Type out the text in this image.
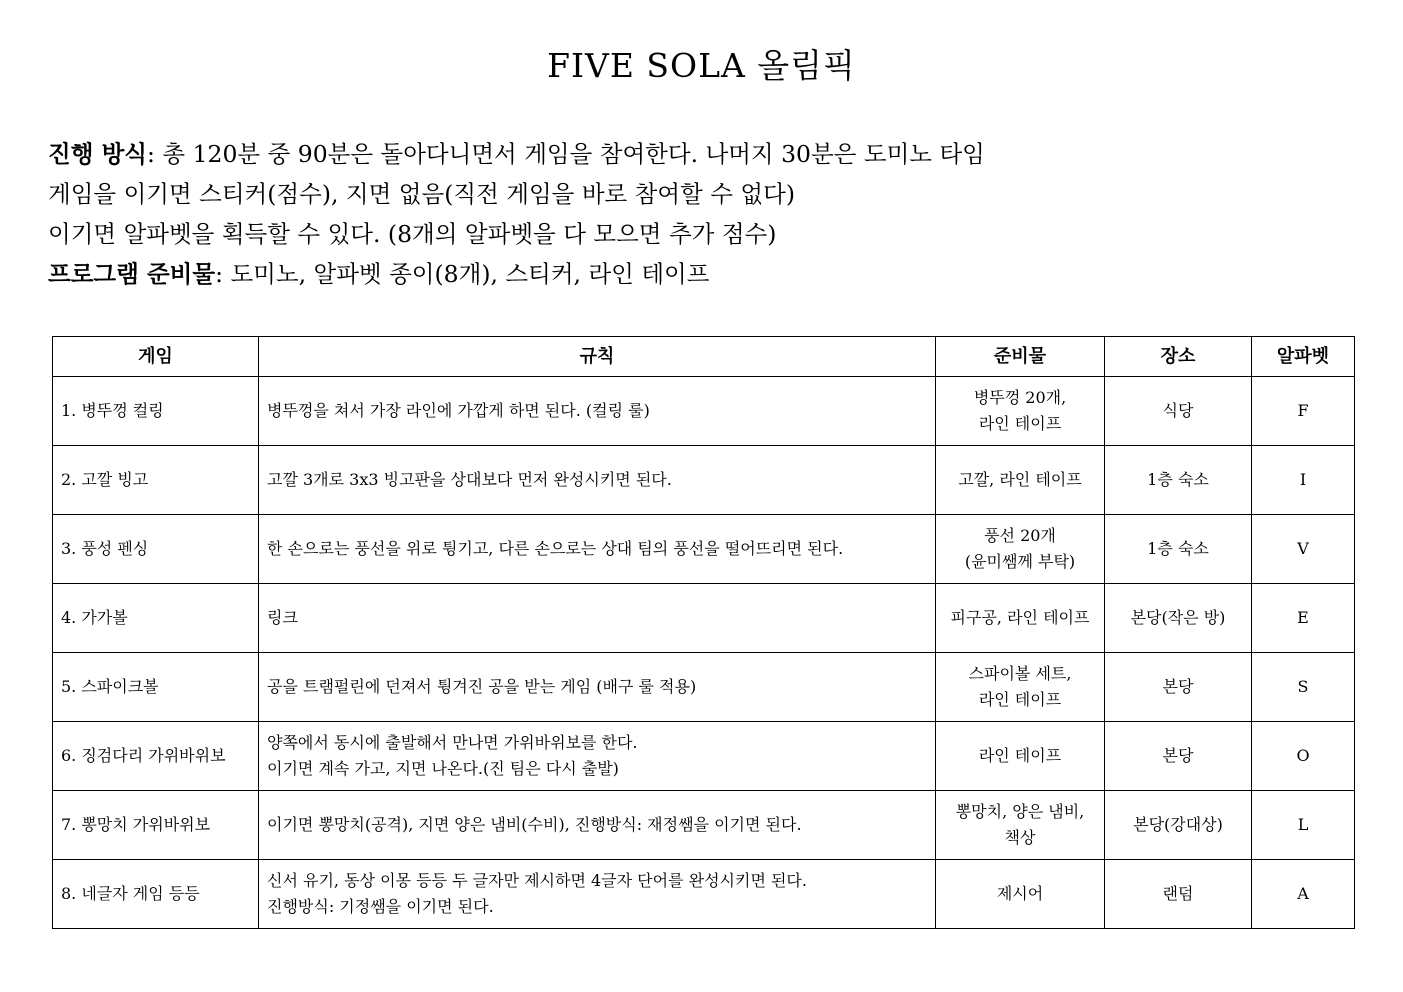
FIVE SOLA 올림픽
진행 방식: 총 120분 중 90분은 돌아다니면서 게임을 참여한다. 나머지 30분은 도미노 타임
게임을 이기면 스티커(점수), 지면 없음(직전 게임을 바로 참여할 수 없다)
이기면 알파벳을 획득할 수 있다. (8개의 알파벳을 다 모으면 추가 점수)
프로그램 준비물: 도미노, 알파벳 종이(8개), 스티커, 라인 테이프
게임	규칙	준비물	장소	알파벳
1. 병뚜껑 컬링	병뚜껑을 쳐서 가장 라인에 가깝게 하면 된다. (컬링 룰)	병뚜껑 20개,
라인 테이프	식당	F
2. 고깔 빙고	고깔 3개로 3x3 빙고판을 상대보다 먼저 완성시키면 된다.	고깔, 라인 테이프	1층 숙소	I
3. 풍성 펜싱	한 손으로는 풍선을 위로 튕기고, 다른 손으로는 상대 팀의 풍선을 떨어뜨리면 된다.	풍선 20개
(윤미쌤께 부탁)	1층 숙소	V
4. 가가볼	링크	피구공, 라인 테이프	본당(작은 방)	E
5. 스파이크볼	공을 트램펄린에 던져서 튕겨진 공을 받는 게임 (배구 룰 적용)	스파이볼 세트,
라인 테이프	본당	S
6. 징검다리 가위바위보	양쪽에서 동시에 출발해서 만나면 가위바위보를 한다.
이기면 계속 가고, 지면 나온다.(진 팀은 다시 출발)	라인 테이프	본당	O
7. 뽕망치 가위바위보	이기면 뽕망치(공격), 지면 양은 냄비(수비), 진행방식: 재정쌤을 이기면 된다.	뽕망치, 양은 냄비,
책상	본당(강대상)	L
8. 네글자 게임 등등	신서 유기, 동상 이몽 등등 두 글자만 제시하면 4글자 단어를 완성시키면 된다.
진행방식: 기정쌤을 이기면 된다.	제시어	랜덤	A
